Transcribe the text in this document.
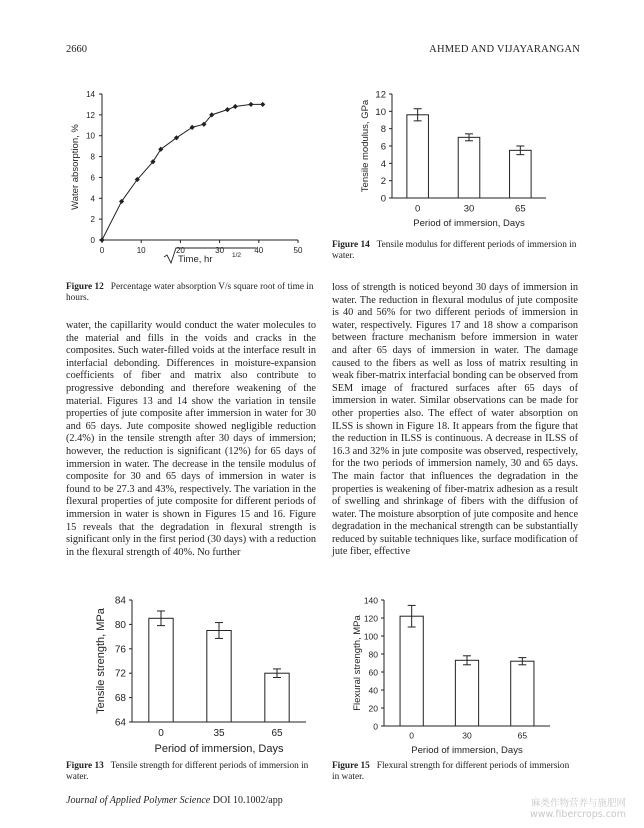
2660	AHMED AND VIJAYARANGAN
0
2
4
6
8
10
12
14
0	10	20	30	40	50
Water absorption, %
Time, hr	1/2
Figure 12 Percentage water absorption V/s square root of time in hours.
0
2
4
6
8
10
12
0	30	65
Period of immersion, Days
Tensile modulus, GPa
Figure 14 Tensile modulus for different periods of immersion in water.

water, the capillarity would conduct the water molecules to the material and fills in the voids and cracks in the composites. Such water-filled voids at the interface result in interfacial debonding. Differences in moisture-expansion coefficients of fiber and matrix also contribute to progressive debonding and therefore weakening of the material. Figures 13 and 14 show the variation in tensile properties of jute composite after immersion in water for 30 and 65 days. Jute composite showed negligible reduction (2.4%) in the tensile strength after 30 days of immersion; however, the reduction is significant (12%) for 65 days of immersion in water. The decrease in the tensile modulus of composite for 30 and 65 days of immersion in water is found to be 27.3 and 43%, respectively. The variation in the flexural properties of jute composite for different periods of immersion in water is shown in Figures 15 and 16. Figure 15 reveals that the degradation in flexural strength is significant only in the first period (30 days) with a reduction in the flexural strength of 40%. No further

loss of strength is noticed beyond 30 days of immersion in water. The reduction in flexural modulus of jute composite is 40 and 56% for two different periods of immersion in water, respectively. Figures 17 and 18 show a comparison between fracture mechanism before immersion in water and after 65 days of immersion in water. The damage caused to the fibers as well as loss of matrix resulting in weak fiber-matrix interfacial bonding can be observed from SEM image of fractured surfaces after 65 days of immersion in water. Similar observations can be made for other properties also. The effect of water absorption on ILSS is shown in Figure 18. It appears from the figure that the reduction in ILSS is continuous. A decrease in ILSS of 16.3 and 32% in jute composite was observed, respectively, for the two periods of immersion namely, 30 and 65 days. The main factor that influences the degradation in the properties is weakening of fiber-matrix adhesion as a result of swelling and shrinkage of fibers with the diffusion of water. The moisture absorption of jute composite and hence degradation in the mechanical strength can be substantially reduced by suitable techniques like, surface modification of jute fiber, effective

64
68
72
76
80
84
0	35	65
Period of immersion, Days
Tensile strength, MPa
Figure 13 Tensile strength for different periods of immersion in water.
0
20
40
60
80
100
120
140
0	30	65
Period of immersion, Days
Flexural strength, MPa
Figure 15 Flexural strength for different periods of immersion in water.
Journal of Applied Polymer Science DOI 10.1002/app	麻类作物营养与施肥网
www.fibercrops.com
